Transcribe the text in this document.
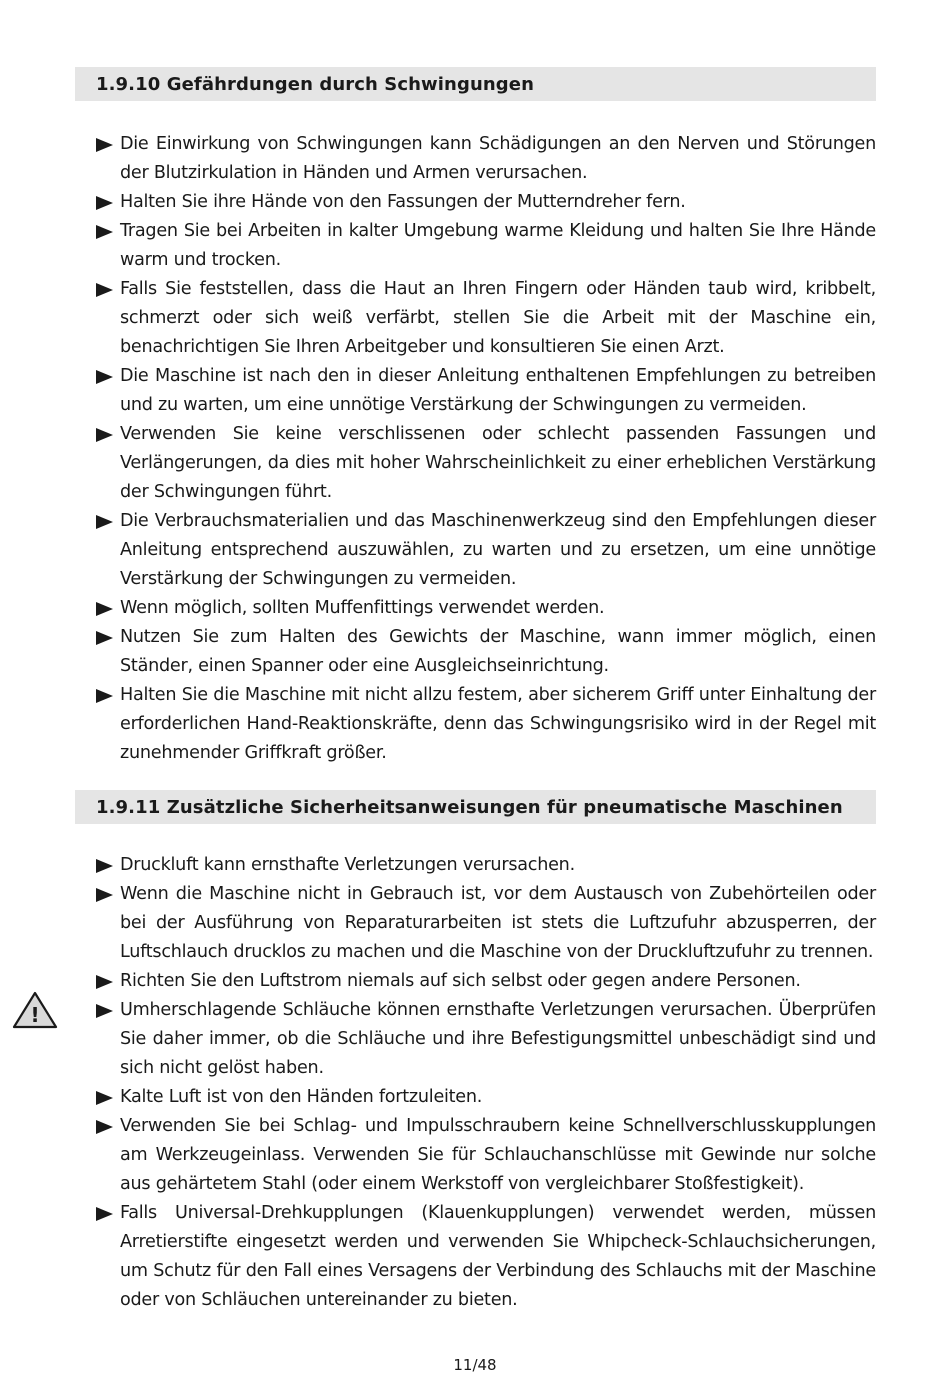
1.9.10 Gefährdungen durch Schwingungen
Die Einwirkung von Schwingungen kann Schädigungen an den Nerven und Störungen der Blutzirkulation in Händen und Armen verursachen.
Halten Sie ihre Hände von den Fassungen der Mutterndreher fern.
Tragen Sie bei Arbeiten in kalter Umgebung warme Kleidung und halten Sie Ihre Hände warm und trocken.
Falls Sie feststellen, dass die Haut an Ihren Fingern oder Händen taub wird, kribbelt, schmerzt oder sich weiß verfärbt, stellen Sie die Arbeit mit der Maschine ein, benachrichtigen Sie Ihren Arbeitgeber und konsultieren Sie einen Arzt.
Die Maschine ist nach den in dieser Anleitung enthaltenen Empfehlungen zu betreiben und zu warten, um eine unnötige Verstärkung der Schwingungen zu vermeiden.
Verwenden Sie keine verschlissenen oder schlecht passenden Fassungen und Verlängerungen, da dies mit hoher Wahrscheinlichkeit zu einer erheblichen Verstärkung der Schwingungen führt.
Die Verbrauchsmaterialien und das Maschinenwerkzeug sind den Empfehlungen dieser Anleitung entsprechend auszuwählen, zu warten und zu ersetzen, um eine unnötige Verstärkung der Schwingungen zu vermeiden.
Wenn möglich, sollten Muffenfittings verwendet werden.
Nutzen Sie zum Halten des Gewichts der Maschine, wann immer möglich, einen Ständer, einen Spanner oder eine Ausgleichseinrichtung.
Halten Sie die Maschine mit nicht allzu festem, aber sicherem Griff unter Einhaltung der erforderlichen Hand-Reaktionskräfte, denn das Schwingungsrisiko wird in der Regel mit zunehmender Griffkraft größer.
1.9.11 Zusätzliche Sicherheitsanweisungen für pneumatische Maschinen
Druckluft kann ernsthafte Verletzungen verursachen.
Wenn die Maschine nicht in Gebrauch ist, vor dem Austausch von Zubehörteilen oder bei der Ausführung von Reparaturarbeiten ist stets die Luftzufuhr abzusperren, der Luftschlauch drucklos zu machen und die Maschine von der Druckluftzufuhr zu trennen.
Richten Sie den Luftstrom niemals auf sich selbst oder gegen andere Personen.
Umherschlagende Schläuche können ernsthafte Verletzungen verursachen. Überprüfen Sie daher immer, ob die Schläuche und ihre Befestigungsmittel unbeschädigt sind und sich nicht gelöst haben.
Kalte Luft ist von den Händen fortzuleiten.
Verwenden Sie bei Schlag- und Impulsschraubern keine Schnellverschlusskupplungen am Werkzeugeinlass. Verwenden Sie für Schlauchanschlüsse mit Gewinde nur solche aus gehärtetem Stahl (oder einem Werkstoff von vergleichbarer Stoßfestigkeit).
Falls Universal-Drehkupplungen (Klauenkupplungen) verwendet werden, müssen Arretierstifte eingesetzt werden und verwenden Sie Whipcheck-Schlauchsicherungen, um Schutz für den Fall eines Versagens der Verbindung des Schlauchs mit der Maschine oder von Schläuchen untereinander zu bieten.
!
11/48
